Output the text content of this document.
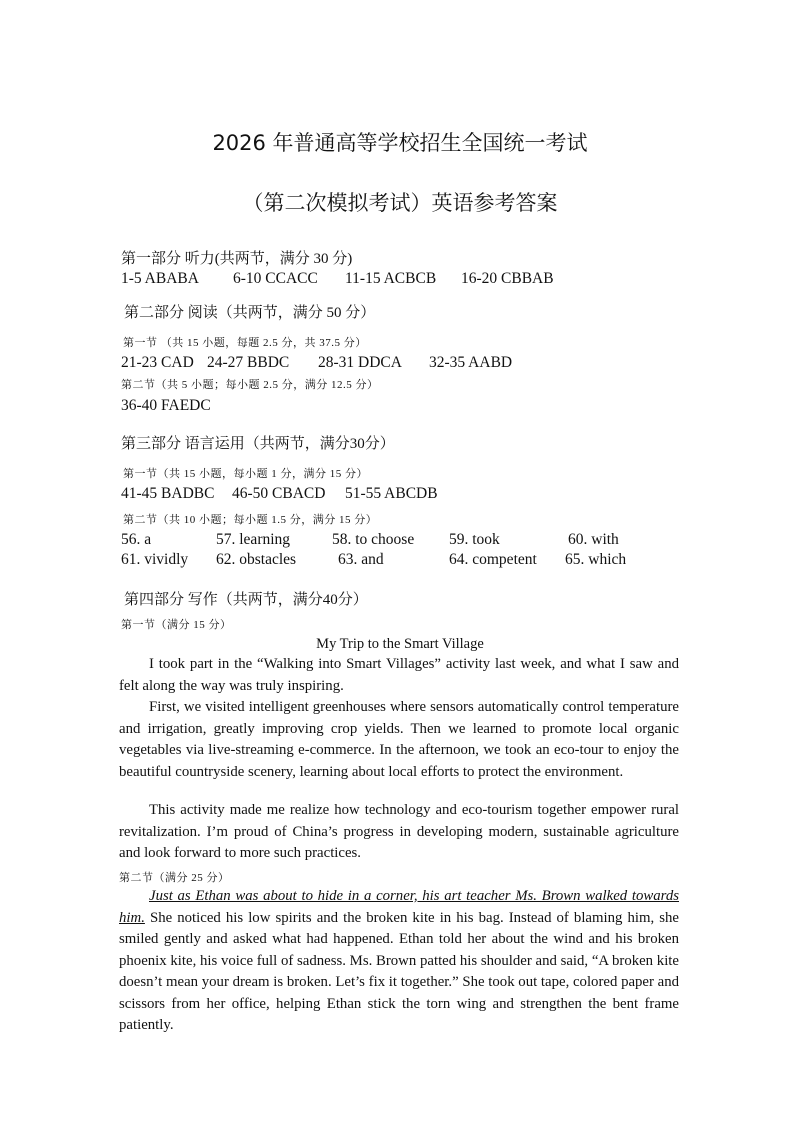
2026 年普通高等学校招生全国统一考试
（第二次模拟考试）英语参考答案
第一部分 听力(共两节，满分 30 分)
1-5 ABABA 6-10 CCACC 11-15 ACBCB 16-20 CBBAB
第二部分 阅读（共两节，满分 50 分）
第一节 （共 15 小题，每题 2.5 分，共 37.5 分）
21-23 CAD 24-27 BBDC 28-31 DDCA 32-35 AABD
第二节（共 5 小题；每小题 2.5 分，满分 12.5 分）
36-40 FAEDC
第三部分 语言运用（共两节，满分30分）
第一节（共 15 小题，每小题 1 分，满分 15 分）
41-45 BADBC 46-50 CBACD 51-55 ABCDB
第二节（共 10 小题；每小题 1.5 分，满分 15 分）
56. a	57. learning	58. to choose 59. took	60. with
61. vividly 62. obstacles	63. and	64. competent 65. which
第四部分 写作（共两节，满分40分）
第一节（满分 15 分）
My Trip to the Smart Village
I took part in the “Walking into Smart Villages” activity last week, and what I saw and felt along the way was truly inspiring.
First, we visited intelligent greenhouses where sensors automatically control temperature and irrigation, greatly improving crop yields. Then we learned to promote local organic vegetables via live-streaming e-commerce. In the afternoon, we took an eco-tour to enjoy the beautiful countryside scenery, learning about local efforts to protect the environment.
This activity made me realize how technology and eco-tourism together empower rural revitalization. I’m proud of China’s progress in developing modern, sustainable agriculture and look forward to more such practices.
第二节（满分 25 分）
Just as Ethan was about to hide in a corner, his art teacher Ms. Brown walked towards him. She noticed his low spirits and the broken kite in his bag. Instead of blaming him, she smiled gently and asked what had happened. Ethan told her about the wind and his broken phoenix kite, his voice full of sadness. Ms. Brown patted his shoulder and said, “A broken kite doesn’t mean your dream is broken. Let’s fix it together.” She took out tape, colored paper and scissors from her office, helping Ethan stick the torn wing and strengthen the bent frame patiently.
